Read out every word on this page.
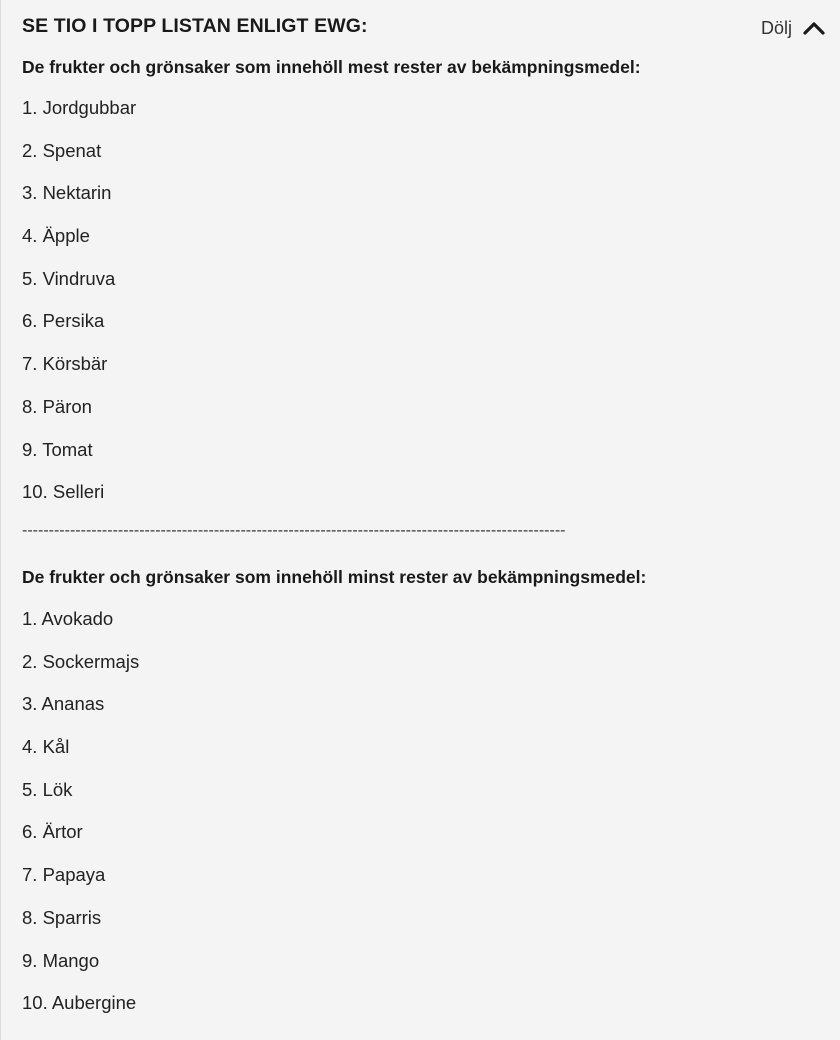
SE TIO I TOPP LISTAN ENLIGT EWG:	Dölj
De frukter och grönsaker som innehöll mest rester av bekämpningsmedel:
1. Jordgubbar
2. Spenat
3. Nektarin
4. Äpple
5. Vindruva
6. Persika
7. Körsbär
8. Päron
9. Tomat
10. Selleri
------------------------------------------------------------------------------------------------------
De frukter och grönsaker som innehöll minst rester av bekämpningsmedel:
1. Avokado
2. Sockermajs
3. Ananas
4. Kål
5. Lök
6. Ärtor
7. Papaya
8. Sparris
9. Mango
10. Aubergine
